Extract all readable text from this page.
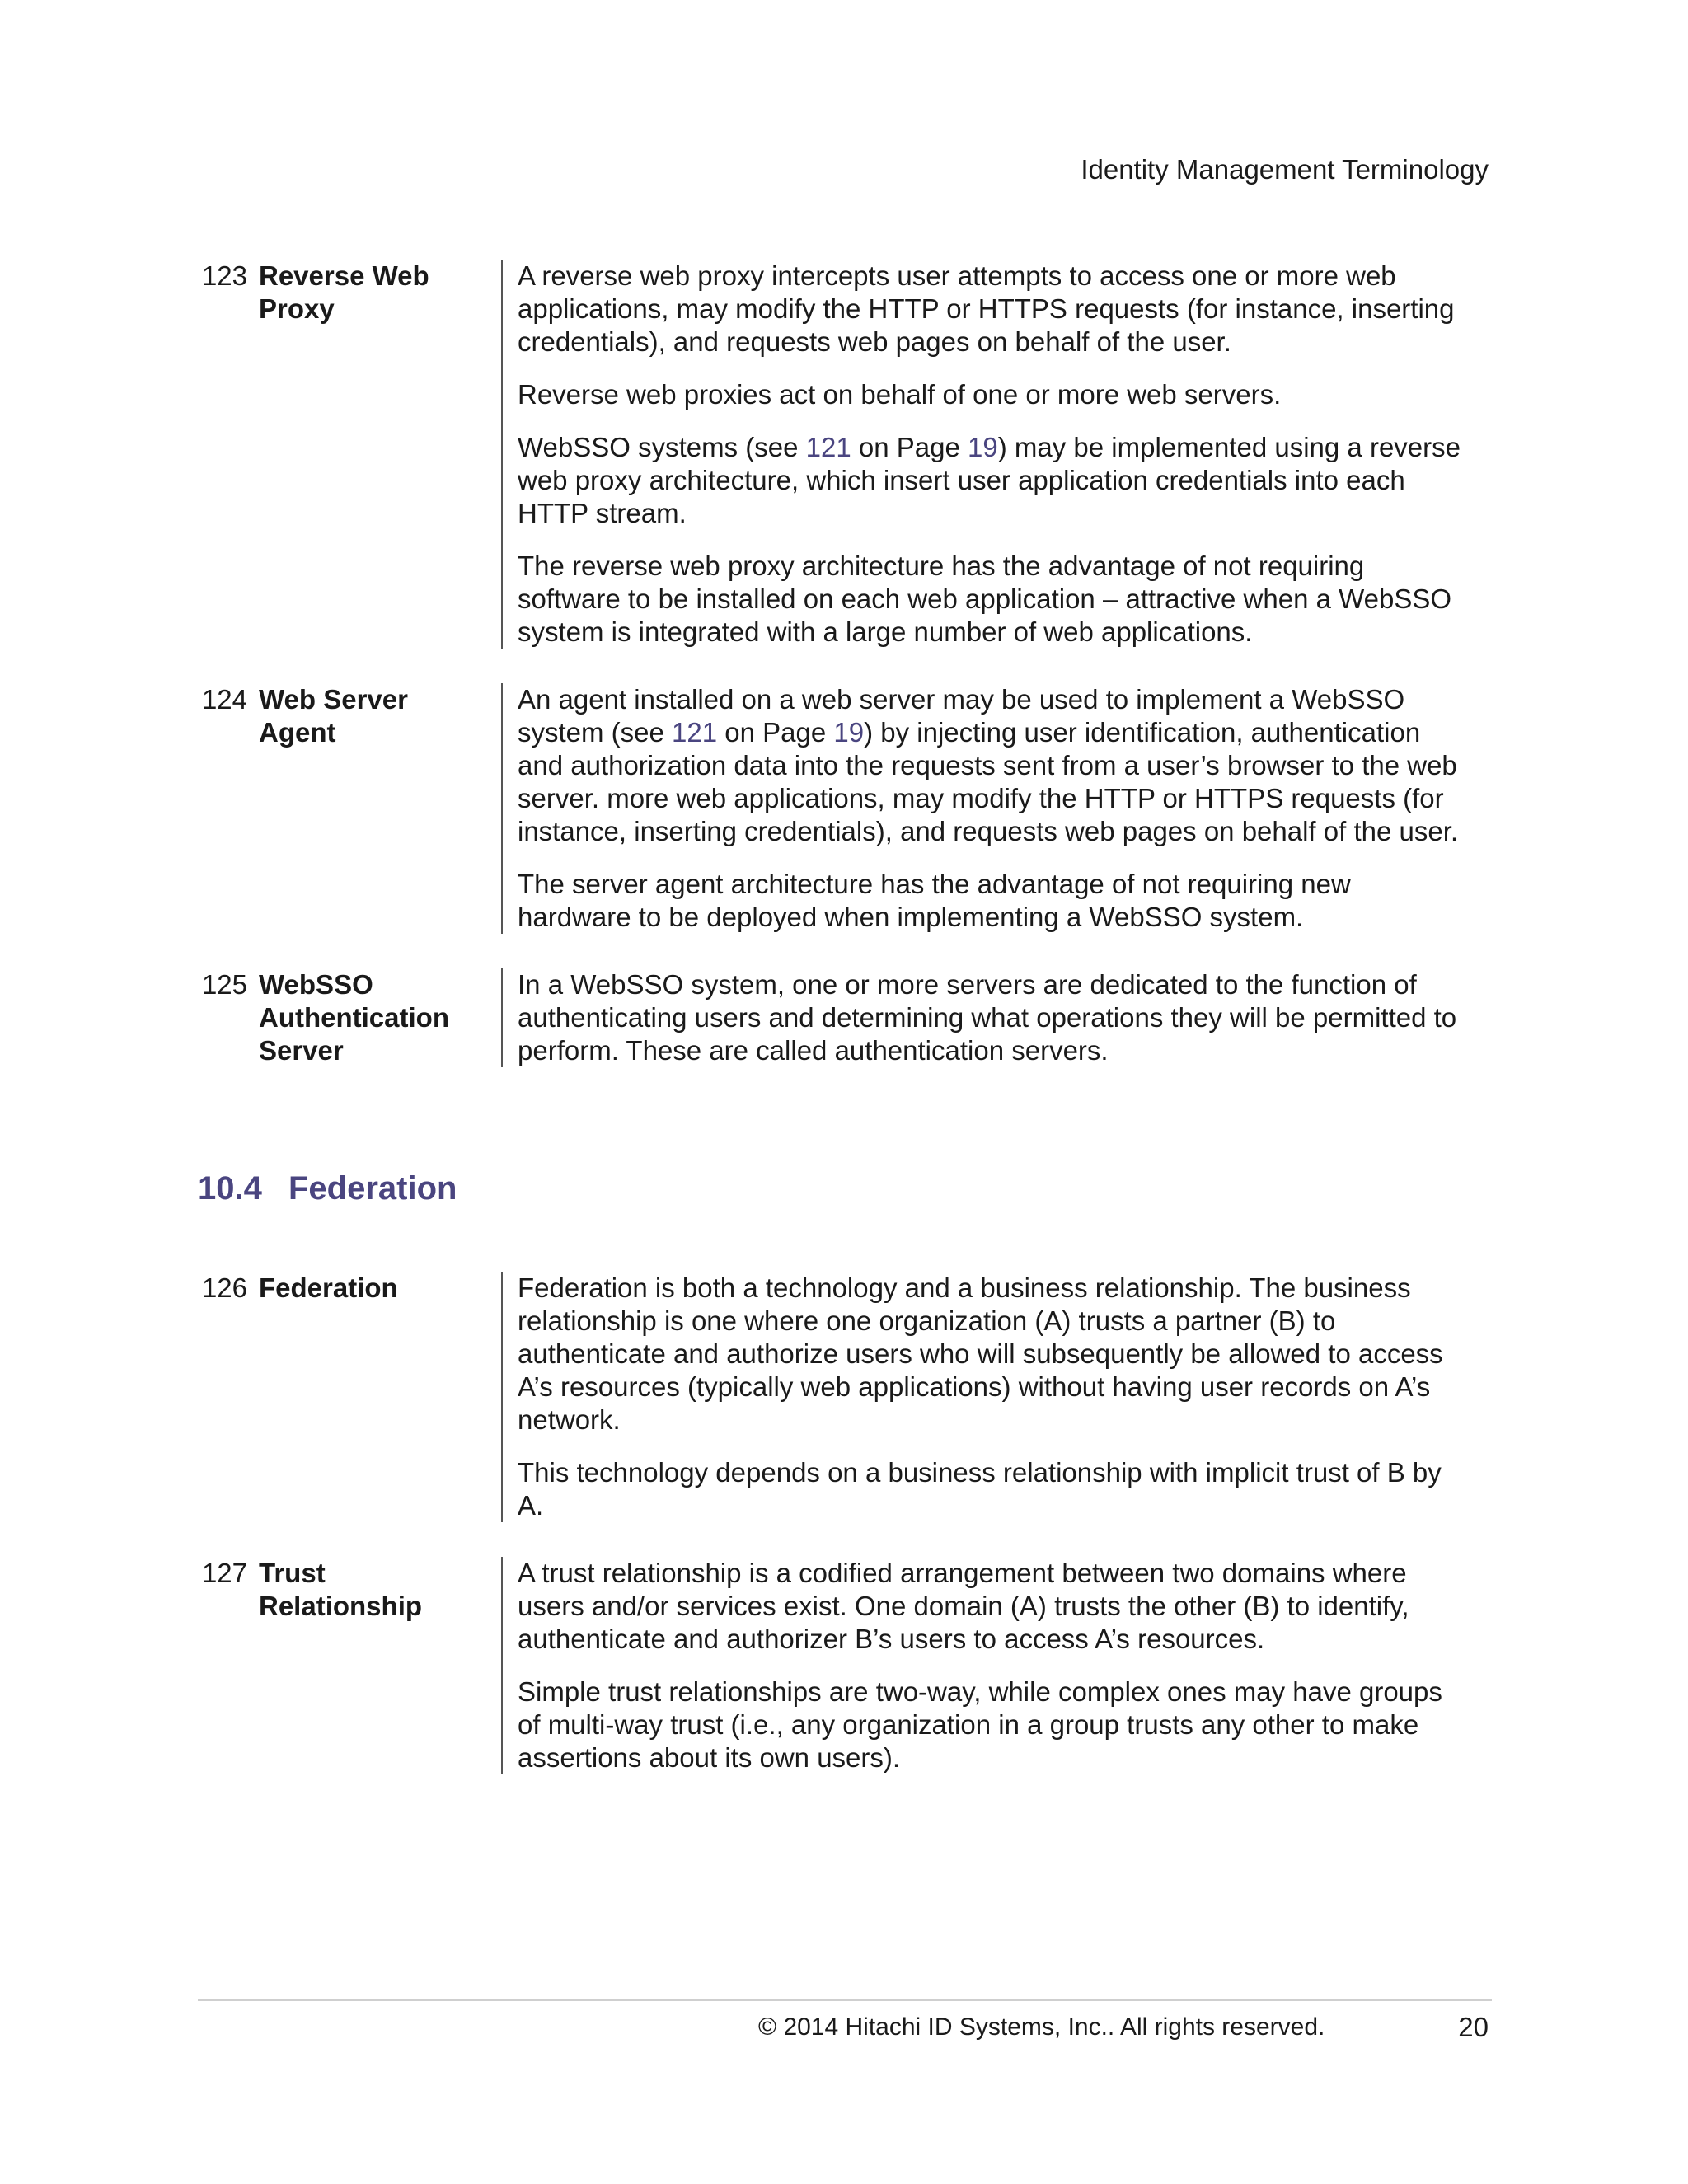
Identity Management Terminology
123 Reverse Web
Proxy

A reverse web proxy intercepts user attempts to access one or more web
applications, may modify the HTTP or HTTPS requests (for instance, inserting
credentials), and requests web pages on behalf of the user.

Reverse web proxies act on behalf of one or more web servers.

WebSSO systems (see 121 on Page 19) may be implemented using a reverse
web proxy architecture, which insert user application credentials into each
HTTP stream.

The reverse web proxy architecture has the advantage of not requiring
software to be installed on each web application – attractive when a WebSSO
system is integrated with a large number of web applications.

124 Web Server
Agent

An agent installed on a web server may be used to implement a WebSSO
system (see 121 on Page 19) by injecting user identification, authentication
and authorization data into the requests sent from a user’s browser to the web
server. more web applications, may modify the HTTP or HTTPS requests (for
instance, inserting credentials), and requests web pages on behalf of the user.

The server agent architecture has the advantage of not requiring new
hardware to be deployed when implementing a WebSSO system.

125 WebSSO
Authentication
Server

In a WebSSO system, one or more servers are dedicated to the function of
authenticating users and determining what operations they will be permitted to
perform. These are called authentication servers.

10.4 Federation
126 Federation	Federation is both a technology and a business relationship. The business
relationship is one where one organization (A) trusts a partner (B) to
authenticate and authorize users who will subsequently be allowed to access
A’s resources (typically web applications) without having user records on A’s
network.

This technology depends on a business relationship with implicit trust of B by
A.

127 Trust
Relationship

A trust relationship is a codified arrangement between two domains where
users and/or services exist. One domain (A) trusts the other (B) to identify,
authenticate and authorizer B’s users to access A’s resources.

Simple trust relationships are two-way, while complex ones may have groups
of multi-way trust (i.e., any organization in a group trusts any other to make
assertions about its own users).

© 2014 Hitachi ID Systems, Inc.. All rights reserved.	20
